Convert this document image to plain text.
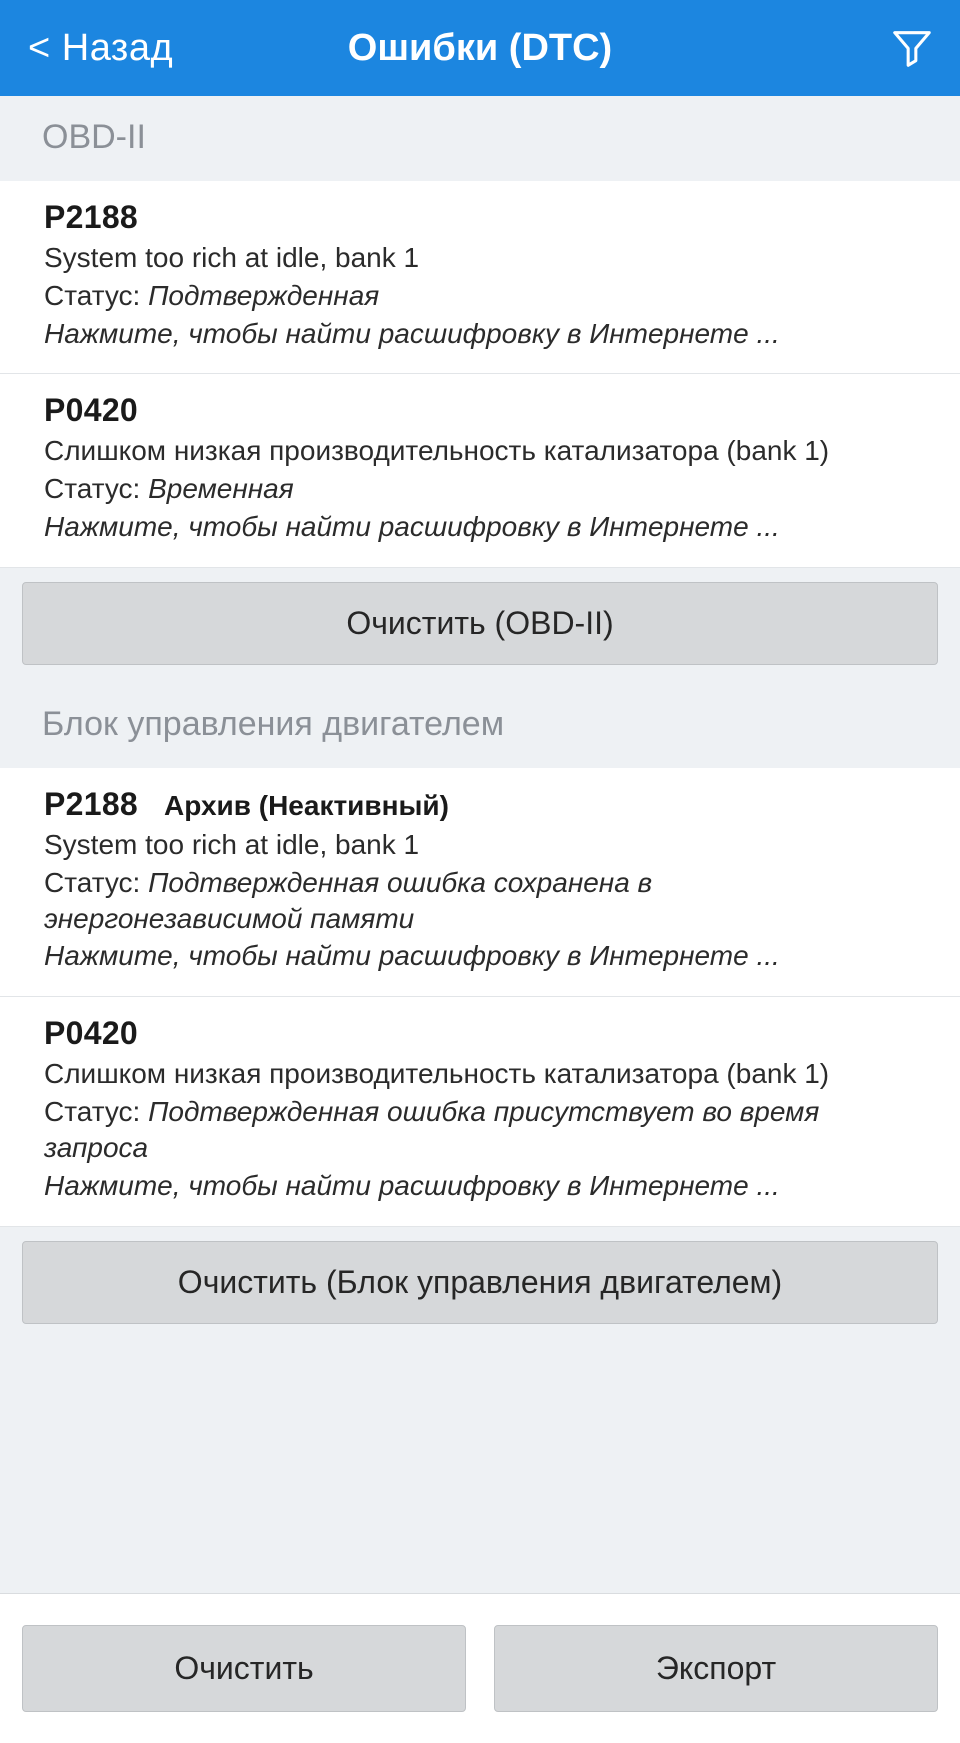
< Назад	Ошибки (DTC)
OBD-II
P2188
System too rich at idle, bank 1
Статус: Подтвержденная
Нажмите, чтобы найти расшифровку в Интернете ...
P0420
Слишком низкая производительность катализатора (bank 1)
Статус: Временная
Нажмите, чтобы найти расшифровку в Интернете ...
Очистить (OBD-II)
Блок управления двигателем
P2188 Архив (Неактивный)
System too rich at idle, bank 1
Статус: Подтвержденная ошибка сохранена в энергонезависимой памяти
Нажмите, чтобы найти расшифровку в Интернете ...
P0420
Слишком низкая производительность катализатора (bank 1)
Статус: Подтвержденная ошибка присутствует во время запроса
Нажмите, чтобы найти расшифровку в Интернете ...
Очистить (Блок управления двигателем)
Очистить	Экспорт
